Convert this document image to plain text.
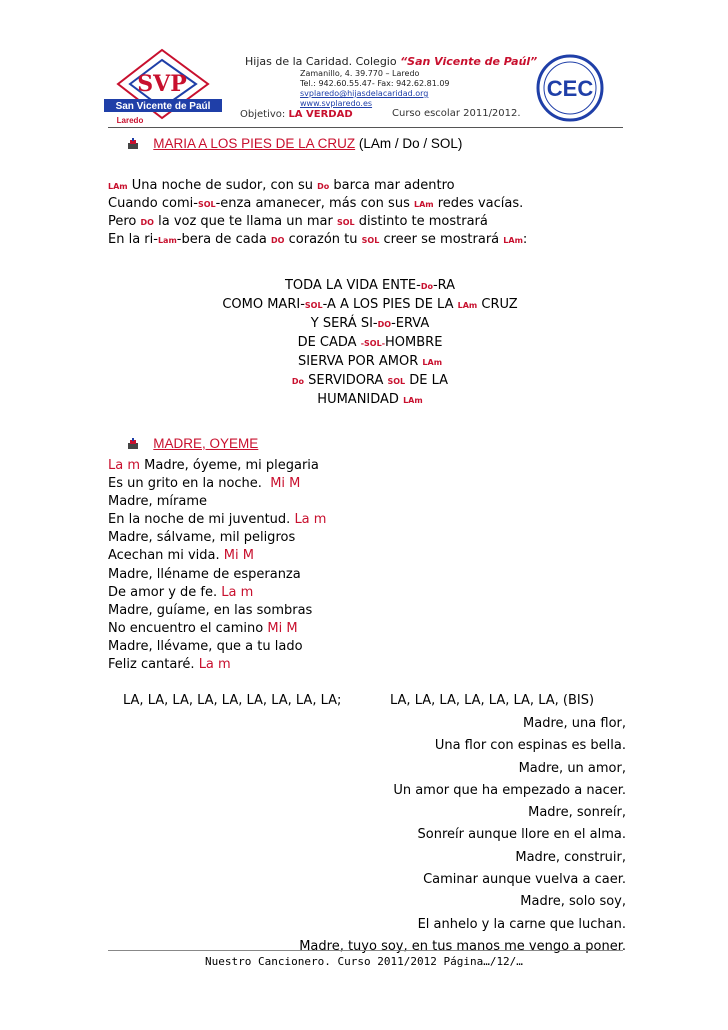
SVP
San Vicente de Paúl
Laredo
Hijas de la Caridad. Colegio “San Vicente de Paúl”
Zamanillo, 4. 39.770 – Laredo
Tel.: 942.60.55.47- Fax: 942.62.81.09
svplaredo@hijasdelacaridad.org
www.svplaredo.es
Objetivo: LA VERDAD	Curso escolar 2011/2012.
CEC
MARIA A LOS PIES DE LA CRUZ (LAm / Do / SOL)
LAm Una noche de sudor, con su Do barca mar adentro
Cuando comi-SOL-enza amanecer, más con sus LAm redes vacías.
Pero DO la voz que te llama un mar SOL distinto te mostrará
En la ri-Lam-bera de cada DO corazón tu SOL creer se mostrará LAm:
TODA LA VIDA ENTE-Do-RA
COMO MARI-SOL-A A LOS PIES DE LA LAm CRUZ
Y SERÁ SI-DO-ERVA
DE CADA -SOL-HOMBRE
SIERVA POR AMOR LAm
Do SERVIDORA SOL DE LA
HUMANIDAD LAm
MADRE, OYEME
La m Madre, óyeme, mi plegaria
Es un grito en la noche.  Mi M
Madre, mírame
En la noche de mi juventud. La m
Madre, sálvame, mil peligros
Acechan mi vida. Mi M
Madre, lléname de esperanza
De amor y de fe. La m
Madre, guíame, en las sombras
No encuentro el camino Mi M
Madre, llévame, que a tu lado
Feliz cantaré. La m
LA, LA, LA, LA, LA, LA, LA, LA, LA;	LA, LA, LA, LA, LA, LA, LA, (BIS)
Madre, una flor,
Una flor con espinas es bella.
Madre, un amor,
Un amor que ha empezado a nacer.
Madre, sonreír,
Sonreír aunque llore en el alma.
Madre, construir,
Caminar aunque vuelva a caer.
Madre, solo soy,
El anhelo y la carne que luchan.
Madre, tuyo soy, en tus manos me vengo a poner.
Nuestro Cancionero. Curso 2011/2012 Página…/12/…
